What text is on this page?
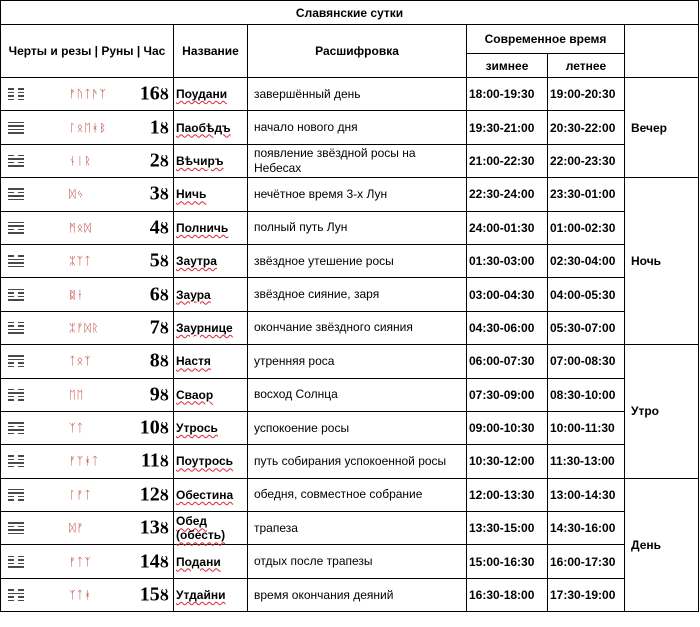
Славянские сутки					
Черты и резы | Руны | Час	Название	Расшифровка	Современное время		
			зимнее	летнее	

ᚠᚢᛏᚫᛉ 16ȣ	Поудани	завершённый день	18:00-19:30	19:00-20:30	Вечер

ᛚᛟᛖᚼᛒ 1ȣ	Паобѣдъ	начало нового дня	19:30-21:00	20:30-22:00	

ᚾᛁᚱ 2ȣ	Вѣчиръ	появление звёздной росы на Небесах	21:00-22:30	22:00-23:30	

ᛞᛃ 3ȣ	Ничь	нечётное время 3-х Лун	22:30-24:00	23:30-01:00	Ночь

ᛗᛟᛞ 4ȣ	Полничь	полный путь Лун	24:00-01:30	01:00-02:30	

ᛯᛉᛏ 5ȣ	Заутра	звёздное утешение росы	01:30-03:00	02:30-04:00	

ᛥᚽ 6ȣ	Заура	звёздное сияние, заря	03:00-04:30	04:00-05:30	

ᛯᚠᛞᚱ 7ȣ	Заурнице	окончание звёздного сияния	04:30-06:00	05:30-07:00	

ᛏᛟᛉ 8ȣ	Настя	утренняя роса	06:00-07:30	07:00-08:30	Утро

ᛖᛖ 9ȣ	Сваор	восход Солнца	07:30-09:00	08:30-10:00	

ᛉᛏ 10ȣ	Утрось	успокоение росы	09:00-10:30	10:00-11:30	

ᚠᛉᚼᛏ 11ȣ	Поутрось	путь собирания успокоенной росы	10:30-12:00	11:30-13:00	

ᛚᚠᛏ 12ȣ	Обестина	обедня, совместное собрание	12:00-13:30	13:00-14:30	День

ᛞᚠ 13ȣ	Обед (обесть)	трапеза	13:30-15:00	14:30-16:00	

ᚠᛏᛉ 14ȣ	Подани	отдых после трапезы	15:00-16:30	16:00-17:30	

ᛉᛏᚼ 15ȣ	Утдайни	время окончания деяний	16:30-18:00	17:30-19:00	
